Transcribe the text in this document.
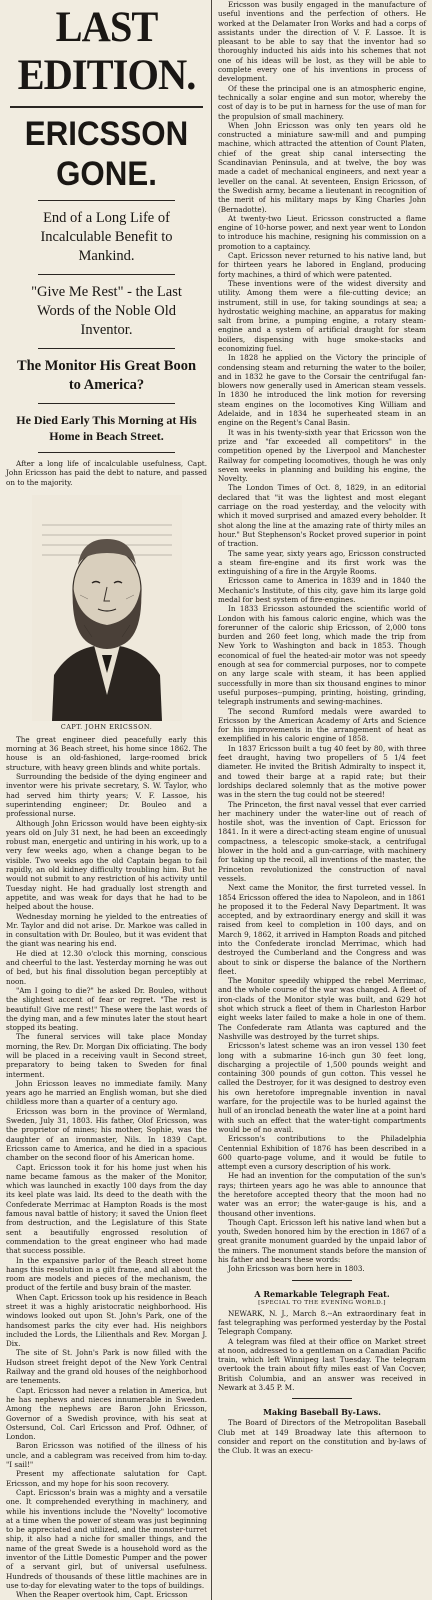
LAST EDITION.
ERICSSON GONE.
End of a Long Life of Incalculable Benefit to Mankind.
"Give Me Rest" - the Last Words of the Noble Old Inventor.
The Monitor His Great Boon to America?
He Died Early This Morning at His Home in Beach Street.

After a long life of incalculable usefulness, Capt. John Ericsson has paid the debt to nature, and passed on to the majority.

CAPT. JOHN ERICSSON.

The great engineer died peacefully early this morning at 36 Beach street, his home since 1862. The house is an old-fashioned, large-roomed brick structure, with heavy green blinds and white portals.

Surrounding the bedside of the dying engineer and inventor were his private secretary, S. W. Taylor, who had served him thirty years; V. F. Lassoe, his superintending engineer; Dr. Bouleo and a professional nurse.

Although John Ericsson would have been eighty-six years old on July 31 next, he had been an exceedingly robust man, energetic and untiring in his work, up to a very few weeks ago, when a change began to be visible. Two weeks ago the old Captain began to fail rapidly, an old kidney difficulty troubling him. But he would not submit to any restriction of his activity until Tuesday night. He had gradually lost strength and appetite, and was weak for days that he had to be helped about the house.

Wednesday morning he yielded to the entreaties of Mr. Taylor and did not arise. Dr. Markoe was called in in consultation with Dr. Bouleo, but it was evident that the giant was nearing his end.

He died at 12.30 o'clock this morning, conscious and cheerful to the last. Yesterday morning he was out of bed, but his final dissolution began perceptibly at noon.

"Am I going to die?" he asked Dr. Bouleo, without the slightest accent of fear or regret. "The rest is beautiful! Give me rest!" These were the last words of the dying man, and a few minutes later the stout heart stopped its beating.

The funeral services will take place Monday morning, the Rev. Dr. Morgan Dix officiating. The body will be placed in a receiving vault in Second street, preparatory to being taken to Sweden for final interment.

John Ericsson leaves no immediate family. Many years ago he married an English woman, but she died childless more than a quarter of a century ago.

Ericsson was born in the province of Wermland, Sweden, July 31, 1803. His father, Olof Ericsson, was the proprietor of mines; his mother, Sophie, was the daughter of an ironmaster, Nils. In 1839 Capt. Ericsson came to America, and he died in a spacious chamber on the second floor of his American home.

Capt. Ericsson took it for his home just when his name became famous as the maker of the Monitor, which was launched in exactly 100 days from the day its keel plate was laid. Its deed to the death with the Confederate Merrimac at Hampton Roads is the most famous naval battle of history; it saved the Union fleet from destruction, and the Legislature of this State sent a beautifully engrossed resolution of commendation to the great engineer who had made that success possible.

In the expansive parlor of the Beach street home hangs this resolution in a gilt frame, and all about the room are models and pieces of the mechanism, the product of the fertile and busy brain of the master.

When Capt. Ericsson took up his residence in Beach street it was a highly aristocratic neighborhood. His windows looked out upon St. John's Park, one of the handsomest parks the city ever had. His neighbors included the Lords, the Lilienthals and Rev. Morgan J. Dix.

The site of St. John's Park is now filled with the Hudson street freight depot of the New York Central Railway and the grand old houses of the neighborhood are tenements.

Capt. Ericsson had never a relation in America, but he has nephews and nieces innumerable in Sweden. Among the nephews are Baron John Ericsson, Governor of a Swedish province, with his seat at Ostersund, Col. Carl Ericsson and Prof. Odhner, of London.

Baron Ericsson was notified of the illness of his uncle, and a cablegram was received from him to-day. "I sail!"

Present my affectionate salutation for Capt. Ericsson, and my hope for his soon recovery.

Capt. Ericsson's brain was a mighty and a versatile one. It comprehended everything in machinery, and while his inventions include the "Novelty" locomotive at a time when the power of steam was just beginning to be appreciated and utilized, and the monster-turret ship, it also had a niche for smaller things, and the name of the great Swede is a household word as the inventor of the Little Domestic Pumper and the power of a servant girl, but of universal usefulness. Hundreds of thousands of these little machines are in use to-day for elevating water to the tops of buildings.

When the Reaper overtook him, Capt. Ericsson

Ericsson was busily engaged in the manufacture of useful inventions and the perfection of others. He worked at the Delamater Iron Works and had a corps of assistants under the direction of V. F. Lassoe. It is pleasant to be able to say that the inventor had so thoroughly inducted his aids into his schemes that not one of his ideas will be lost, as they will be able to complete every one of his inventions in process of development.

Of these the principal one is an atmospheric engine, technically a solar engine and sun motor, whereby the cost of day is to be put in harness for the use of man for the propulsion of small machinery.

When John Ericsson was only ten years old he constructed a miniature saw-mill and and pumping machine, which attracted the attention of Count Platen, chief of the great ship canal intersecting the Scandinavian Peninsula, and at twelve, the boy was made a cadet of mechanical engineers, and next year a leveller on the canal. At seventeen, Ensign Ericsson, of the Swedish army, became a lieutenant in recognition of the merit of his military maps by King Charles John (Bernadotte).

At twenty-two Lieut. Ericsson constructed a flame engine of 10-horse power, and next year went to London to introduce his machine, resigning his commission on a promotion to a captaincy.

Capt. Ericsson never returned to his native land, but for thirteen years he labored in England, producing forty machines, a third of which were patented.

These inventions were of the widest diversity and utility. Among them were a file-cutting device; an instrument, still in use, for taking soundings at sea; a hydrostatic weighing machine, an apparatus for making salt from brine, a pumping engine, a rotary steam-engine and a system of artificial draught for steam boilers, dispensing with huge smoke-stacks and economizing fuel.

In 1828 he applied on the Victory the principle of condensing steam and returning the water to the boiler, and in 1832 he gave to the Corsair the centrifugal fan-blowers now generally used in American steam vessels. In 1830 he introduced the link motion for reversing steam engines on the locomotives King William and Adelaide, and in 1834 he superheated steam in an engine on the Regent's Canal Basin.

It was in his twenty-sixth year that Ericsson won the prize and "far exceeded all competitors" in the competition opened by the Liverpool and Manchester Railway for competing locomotives, though he was only seven weeks in planning and building his engine, the Novelty.

The London Times of Oct. 8, 1829, in an editorial declared that "it was the lightest and most elegant carriage on the road yesterday, and the velocity with which it moved surprised and amazed every beholder. It shot along the line at the amazing rate of thirty miles an hour." But Stephenson's Rocket proved superior in point of traction.

The same year, sixty years ago, Ericsson constructed a steam fire-engine and its first work was the extinguishing of a fire in the Argyle Rooms.

Ericsson came to America in 1839 and in 1840 the Mechanic's Institute, of this city, gave him its large gold medal for best system of fire-engines.

In 1833 Ericsson astounded the scientific world of London with his famous caloric engine, which was the forerunner of the caloric ship Ericsson, of 2,000 tons burden and 260 feet long, which made the trip from New York to Washington and back in 1853. Though economical of fuel the heated-air motor was not speedy enough at sea for commercial purposes, nor to compete on any large scale with steam, it has been applied successfully in more than six thousand engines to minor useful purposes--pumping, printing, hoisting, grinding, telegraph instruments and sewing-machines.

The second Rumford medals were awarded to Ericsson by the American Academy of Arts and Science for his improvements in the arrangement of heat as exemplified in his caloric engine of 1858.

In 1837 Ericsson built a tug 40 feet by 80, with three feet draught, having two propellers of 5 1/4 feet diameter. He invited the British Admiralty to inspect it, and towed their barge at a rapid rate; but their lordships declared solemnly that as the motive power was in the stern the tug could not be steered!

The Princeton, the first naval vessel that ever carried her machinery under the water-line out of reach of hostile shot, was the invention of Capt. Ericsson for 1841. In it were a direct-acting steam engine of unusual compactness, a telescopic smoke-stack, a centrifugal blower in the hold and a gun-carriage, with machinery for taking up the recoil, all inventions of the master, the Princeton revolutionized the construction of naval vessels.

Next came the Monitor, the first turreted vessel. In 1854 Ericsson offered the idea to Napoleon, and in 1861 he proposed it to the Federal Navy Department. It was accepted, and by extraordinary energy and skill it was raised from keel to completion in 100 days, and on March 9, 1862, it arrived in Hampton Roads and pitched into the Confederate ironclad Merrimac, which had destroyed the Cumberland and the Congress and was about to sink or disperse the balance of the Northern fleet.

The Monitor speedily whipped the rebel Merrimac, and the whole course of the war was changed. A fleet of iron-clads of the Monitor style was built, and 629 hot shot which struck a fleet of them in Charleston Harbor eight weeks later failed to make a hole in one of them. The Confederate ram Atlanta was captured and the Nashville was destroyed by the turret ships.

Ericsson's latest scheme was an iron vessel 130 feet long with a submarine 16-inch gun 30 feet long, discharging a projectile of 1,500 pounds weight and containing 300 pounds of gun cotton. This vessel he called the Destroyer, for it was designed to destroy even his own heretofore impregnable invention in naval warfare, for the projectile was to be hurled against the hull of an ironclad beneath the water line at a point hard with such an effect that the water-tight compartments would be of no avail.

Ericsson's contributions to the Philadelphia Centennial Exhibition of 1876 has been described in a 600 quarto-page volume, and it would be futile to attempt even a cursory description of his work.

He had an invention for the computation of the sun's rays; thirteen years ago he was able to announce that the heretofore accepted theory that the moon had no water was an error; the water-gauge is his, and a thousand other inventions.

Though Capt. Ericsson left his native land when but a youth, Sweden honored him by the erection in 1867 of a great granite monument guarded by the unpaid labor of the miners. The monument stands before the mansion of his father and bears these words:

John Ericsson was born here in 1803.

A Remarkable Telegraph Feat.
[SPECIAL TO THE EVENING WORLD.]

NEWARK, N. J., March 8.--An extraordinary feat in fast telegraphing was performed yesterday by the Postal Telegraph Company.

A telegram was filed at their office on Market street at noon, addressed to a gentleman on a Canadian Pacific train, which left Winnipeg last Tuesday. The telegram overtook the train about fifty miles east of Van Cocver, British Columbia, and an answer was received in Newark at 3.45 P. M.

Making Baseball By-Laws.

The Board of Directors of the Metropolitan Baseball Club met at 149 Broadway late this afternoon to consider and report on the constitution and by-laws of the Club. It was an execu-
